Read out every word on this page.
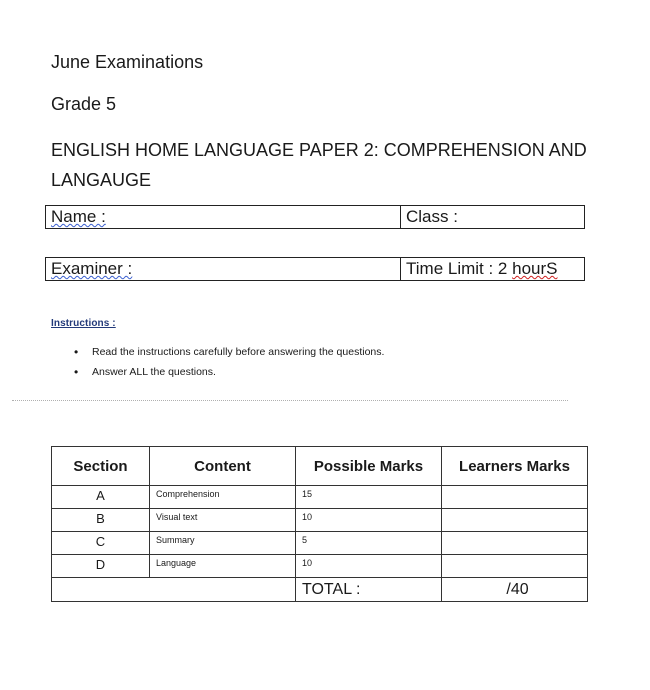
June Examinations
Grade 5
ENGLISH HOME LANGUAGE PAPER 2: COMPREHENSION AND LANGAUGE
Name :	Class :
Examiner :	Time Limit : 2 hourS
Instructions :
• Read the instructions carefully before answering the questions.
• Answer ALL the questions.
Section	Content	Possible Marks	Learners Marks
A	Comprehension	15	
B	Visual text	10	
C	Summary	5	
D	Language	10	
		TOTAL :	/40
